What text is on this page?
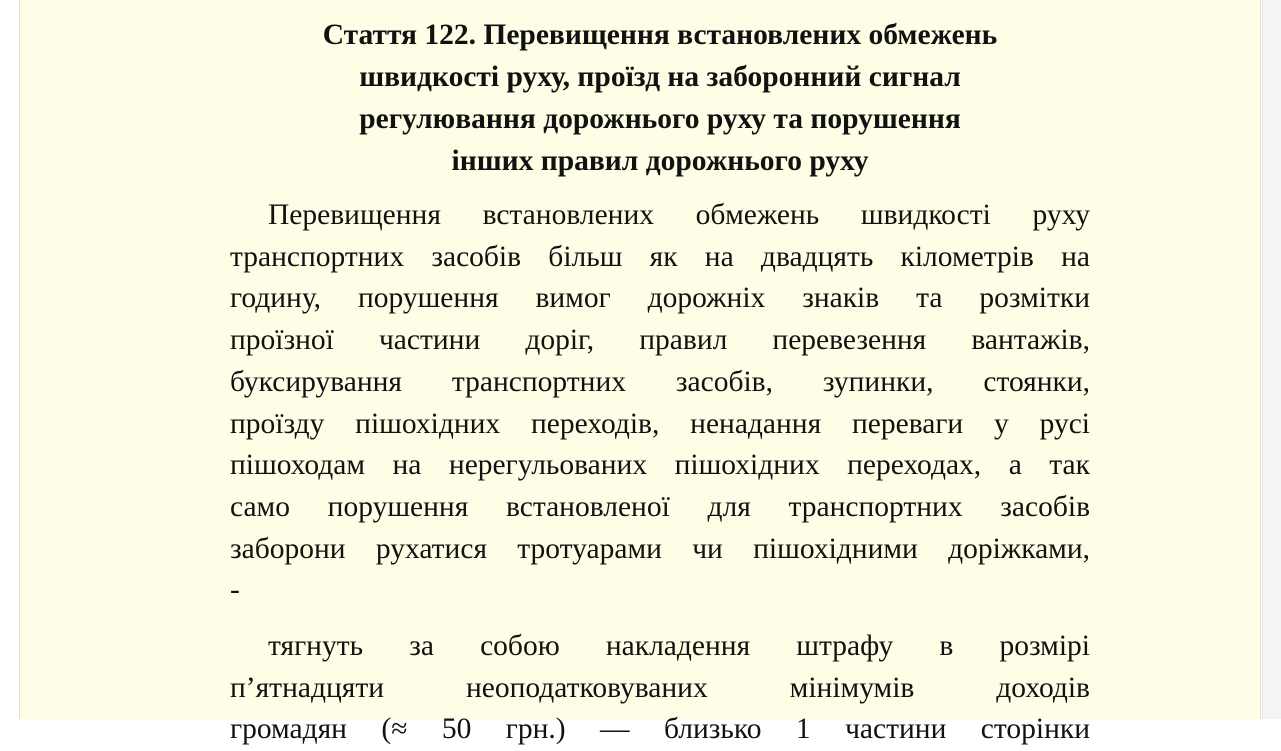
Стаття 122. Перевищення встановлених обмежень
швидкості руху, проїзд на заборонний сигнал
регулювання дорожнього руху та порушення
інших правил дорожнього руху

Перевищення встановлених обмежень швидкості руху
транспортних засобів більш як на двадцять кілометрів на
годину, порушення вимог дорожніх знаків та розмітки
проїзної частини доріг, правил перевезення вантажів,
буксирування транспортних засобів, зупинки, стоянки,
проїзду пішохідних переходів, ненадання переваги у русі
пішоходам на нерегульованих пішохідних переходах, а так
само порушення встановленої для транспортних засобів
заборони рухатися тротуарами чи пішохідними доріжками,
-

тягнуть за собою накладення штрафу в розмірі
п’ятнадцяти неоподатковуваних мінімумів доходів
громадян (≈ 50 грн.) — близько 1 частини сторінки
